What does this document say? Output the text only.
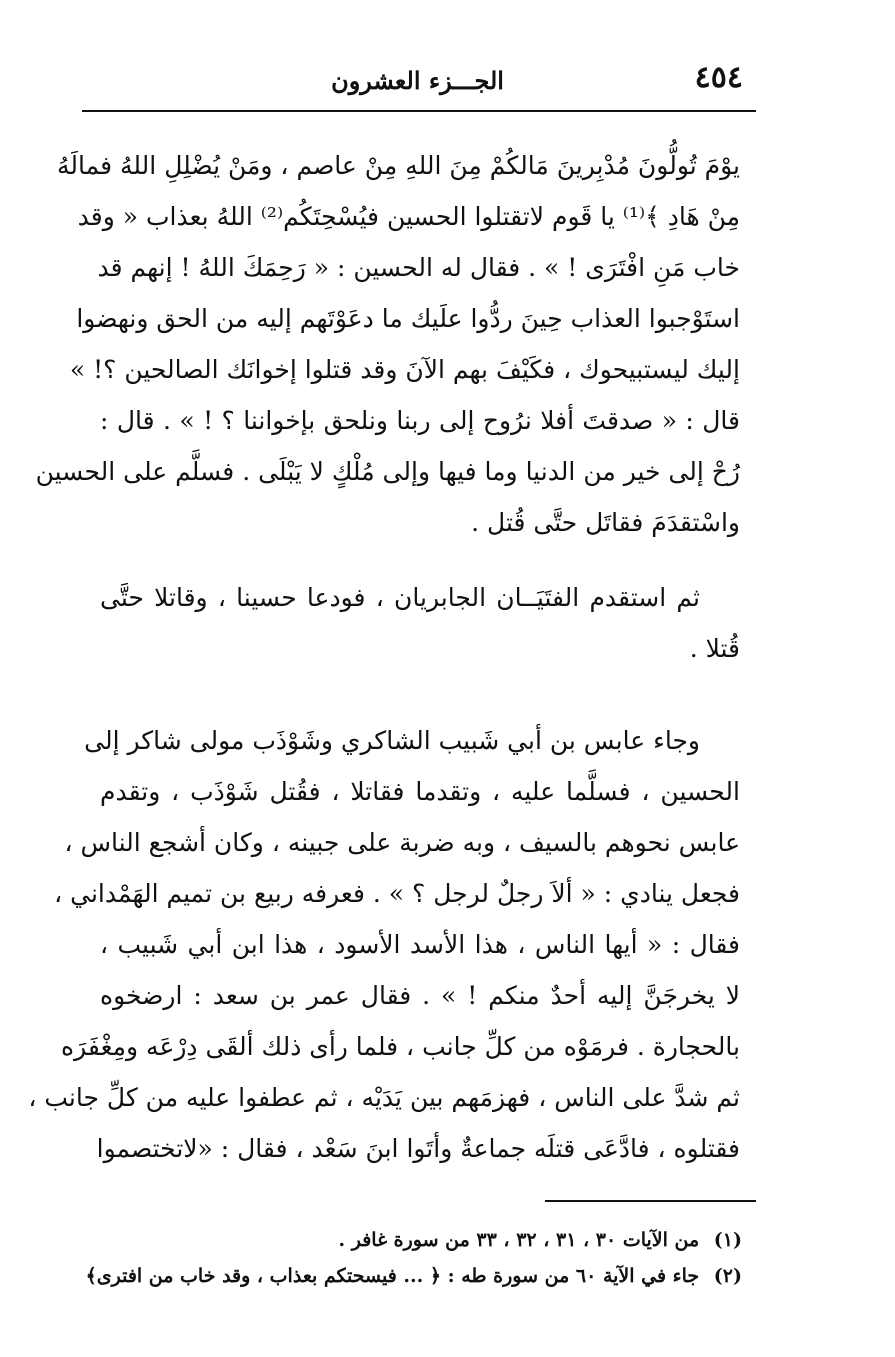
٤٥٤
الجـــزء العشرون
يوْمَ تُولُّونَ مُدْبِرينَ مَالكُمْ مِنَ اللهِ مِنْ عاصم ، ومَنْ يُضْلِلِ اللهُ فمالَهُ
مِنْ هَادِ ﴾⁽¹⁾ يا قَوم لاتقتلوا الحسين فيُسْحِتَكُم⁽²⁾ اللهُ بعذاب « وقد
خاب مَنِ افْتَرَى ! » . فقال له الحسين : « رَحِمَكَ اللهُ ! إنهم قد
استَوْجبوا العذاب حِينَ ردُّوا علَيك ما دعَوْتَهم إليه من الحق ونهضوا
إليك ليستبيحوك ، فكَيْفَ بهم الآنَ وقد قتلوا إخوانَك الصالحين ؟! »
قال : « صدقتَ أفلا نرُوح إلى ربنا ونلحق بإخواننا ؟ ! » . قال :
رُحْ إلى خير من الدنيا وما فيها وإلى مُلْكٍ لا يَبْلَى . فسلَّم على الحسين
واسْتقدَمَ فقاتَل حتَّى قُتل .
ثم استقدم الفتَيَــان الجابريان ، فودعا حسينا ، وقاتلا حتَّى
قُتلا .
وجاء عابس بن أبي شَبيب الشاكري وشَوْذَب مولى شاكر إلى
الحسين ، فسلَّما عليه ، وتقدما فقاتلا ، فقُتل شَوْذَب ، وتقدم
عابس نحوهم بالسيف ، وبه ضربة على جبينه ، وكان أشجع الناس ،
فجعل ينادي : « ألاَ رجلٌ لرجل ؟ » . فعرفه ربيع بن تميم الهَمْداني ،
فقال : « أيها الناس ، هذا الأسد الأسود ، هذا ابن أبي شَبيب ،
لا يخرجَنَّ إليه أحدٌ منكم ! » . فقال عمر بن سعد : ارضخوه
بالحجارة . فرمَوْه من كلِّ جانب ، فلما رأى ذلك ألقَى دِرْعَه ومِغْفَرَه
ثم شدَّ على الناس ، فهزمَهم بين يَدَيْه ، ثم عطفوا عليه من كلِّ جانب ،
فقتلوه ، فادَّعَى قتلَه جماعةٌ وأتَوا ابنَ سَعْد ، فقال : «لاتختصموا
(١) من الآيات ٣٠ ، ٣١ ، ٣٢ ، ٣٣ من سورة غافر .
(٢) جاء في الآية ٦٠ من سورة طه : ﴿ ... فيسحتكم بعذاب ، وقد خاب من افترى﴾
